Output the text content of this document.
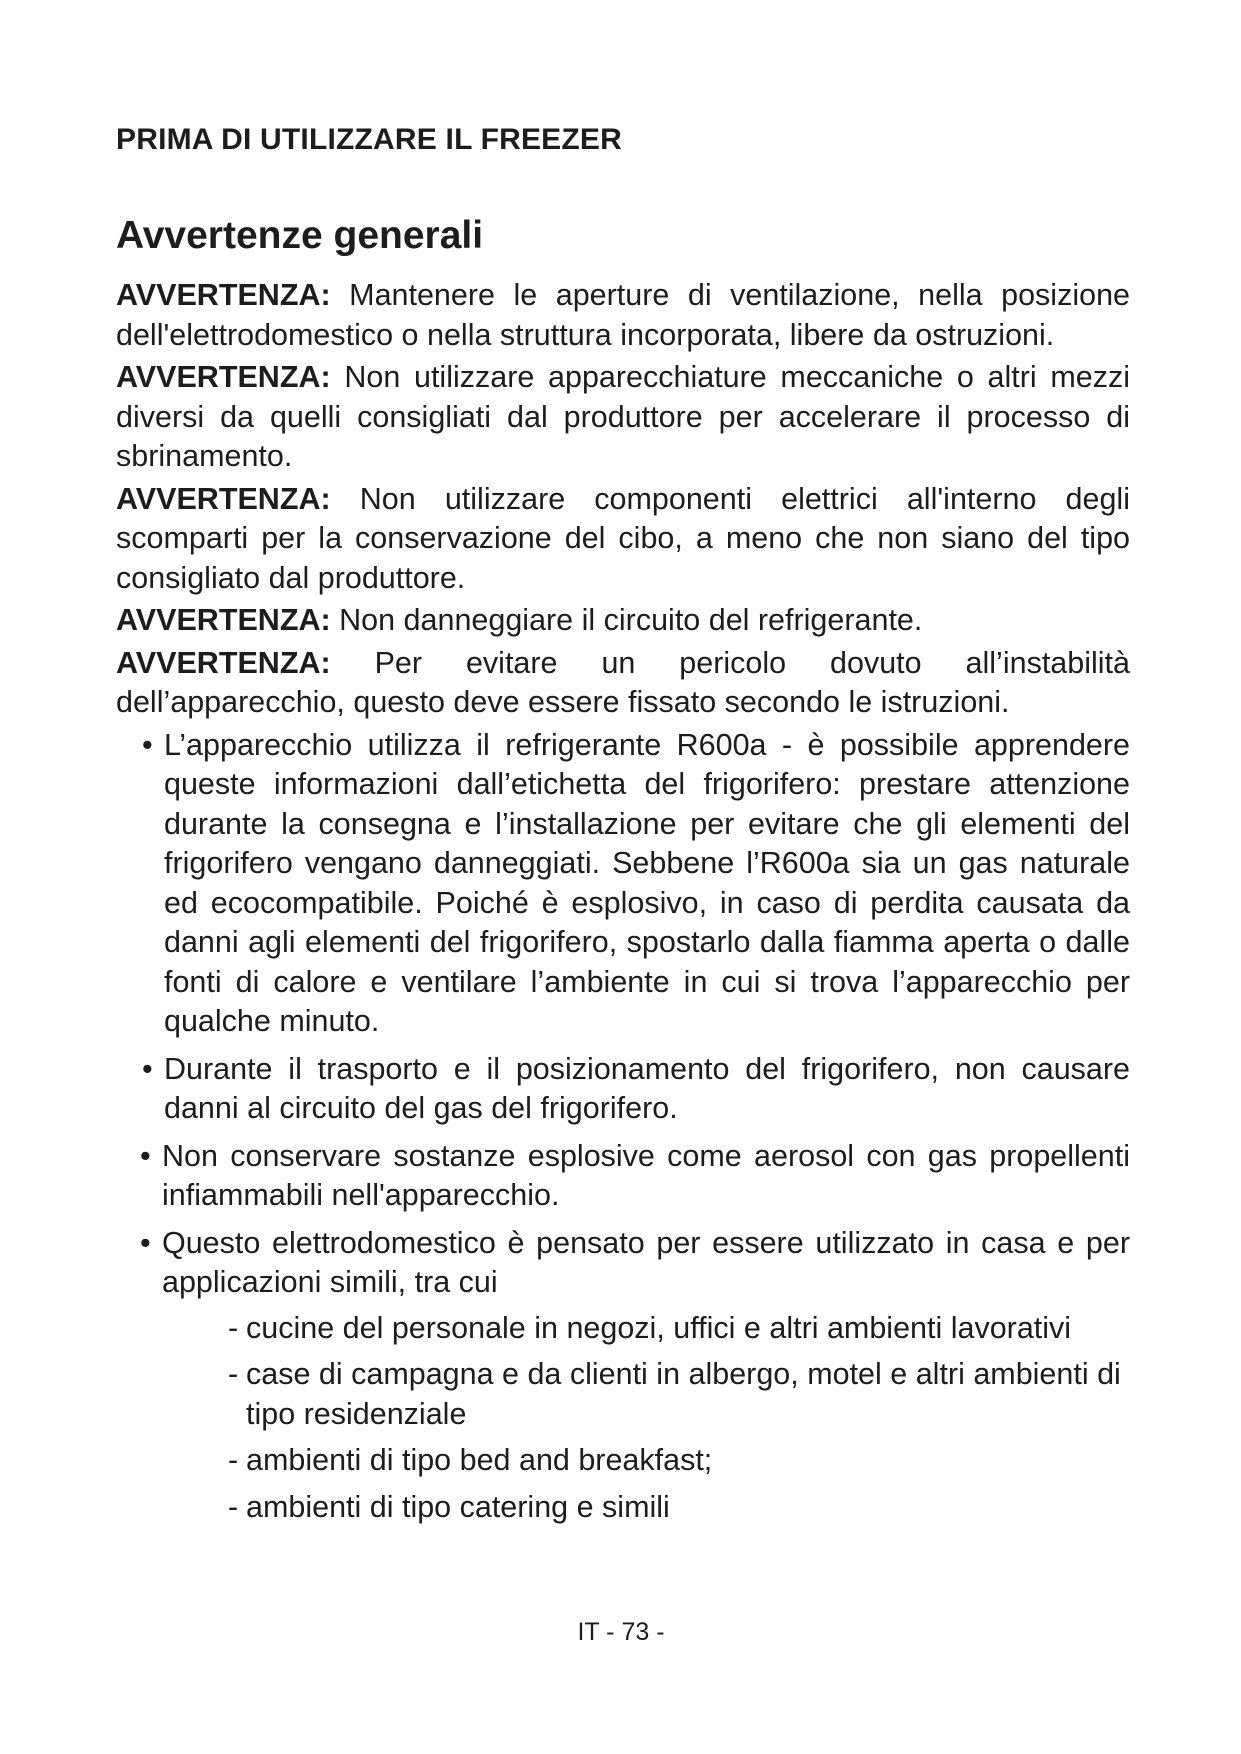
PRIMA DI UTILIZZARE IL FREEZER
Avvertenze generali

AVVERTENZA: Mantenere le aperture di ventilazione, nella posizione dell'elettrodomestico o nella struttura incorporata, libere da ostruzioni.

AVVERTENZA: Non utilizzare apparecchiature meccaniche o altri mezzi diversi da quelli consigliati dal produttore per accelerare il processo di sbrinamento.

AVVERTENZA: Non utilizzare componenti elettrici all'interno degli scomparti per la conservazione del cibo, a meno che non siano del tipo consigliato dal produttore.

AVVERTENZA: Non danneggiare il circuito del refrigerante.

AVVERTENZA: Per evitare un pericolo dovuto all’instabilità dell’apparecchio, questo deve essere fissato secondo le istruzioni.

• L’apparecchio utilizza il refrigerante R600a - è possibile apprendere queste informazioni dall’etichetta del frigorifero: prestare attenzione durante la consegna e l’installazione per evitare che gli elementi del frigorifero vengano danneggiati. Sebbene l’R600a sia un gas naturale ed ecocompatibile. Poiché è esplosivo, in caso di perdita causata da danni agli elementi del frigorifero, spostarlo dalla fiamma aperta o dalle fonti di calore e ventilare l’ambiente in cui si trova l’apparecchio per qualche minuto.
• Durante il trasporto e il posizionamento del frigorifero, non causare danni al circuito del gas del frigorifero.
• Non conservare sostanze esplosive come aerosol con gas propellenti infiammabili nell'apparecchio.
• Questo elettrodomestico è pensato per essere utilizzato in casa e per applicazioni simili, tra cui
- cucine del personale in negozi, uffici e altri ambienti lavorativi
- case di campagna e da clienti in albergo, motel e altri ambienti di tipo residenziale
- ambienti di tipo bed and breakfast;
- ambienti di tipo catering e simili
IT - 73 -
